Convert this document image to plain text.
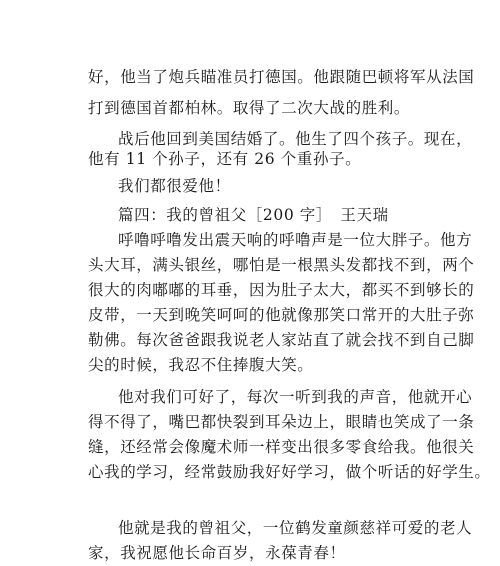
好，他当了炮兵瞄准员打德国。他跟随巴顿将军从法国
打到德国首都柏林。取得了二次大战的胜利。
战后他回到美国结婚了。他生了四个孩子。现在，
他有 11 个孙子，还有 26 个重孙子。
我们都很爱他！
篇四：我的曾祖父［200 字］　王天瑞
呼噜呼噜发出震天响的呼噜声是一位大胖子。他方
头大耳，满头银丝，哪怕是一根黑头发都找不到，两个
很大的肉嘟嘟的耳垂，因为肚子太大，都买不到够长的
皮带，一天到晚笑呵呵的他就像那笑口常开的大肚子弥
勒佛。每次爸爸跟我说老人家站直了就会找不到自己脚
尖的时候，我忍不住捧腹大笑。
他对我们可好了，每次一听到我的声音，他就开心
得不得了，嘴巴都快裂到耳朵边上，眼睛也笑成了一条
缝，还经常会像魔术师一样变出很多零食给我。他很关
心我的学习，经常鼓励我好好学习，做个听话的好学生。
他就是我的曾祖父，一位鹤发童颜慈祥可爱的老人
家，我祝愿他长命百岁，永葆青春！
